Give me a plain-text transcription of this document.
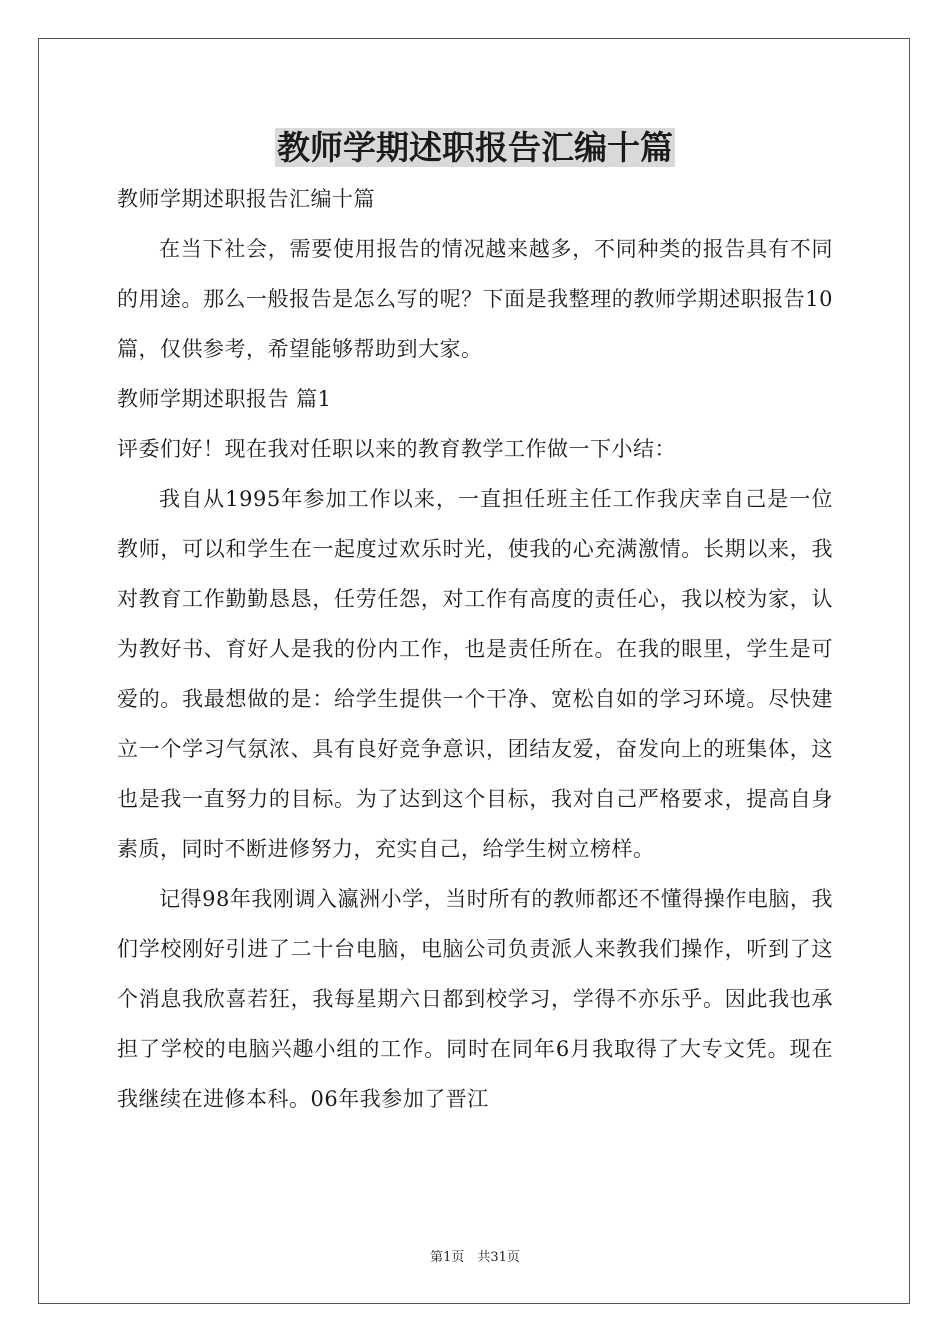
教师学期述职报告汇编十篇

教师学期述职报告汇编十篇

在当下社会，需要使用报告的情况越来越多，不同种类的报告具有不同的用途。那么一般报告是怎么写的呢？下面是我整理的教师学期述职报告10篇，仅供参考，希望能够帮助到大家。

教师学期述职报告 篇1

评委们好！现在我对任职以来的教育教学工作做一下小结：

我自从1995年参加工作以来，一直担任班主任工作我庆幸自己是一位教师，可以和学生在一起度过欢乐时光，使我的心充满激情。长期以来，我对教育工作勤勤恳恳，任劳任怨，对工作有高度的责任心，我以校为家，认为教好书、育好人是我的份内工作，也是责任所在。在我的眼里，学生是可爱的。我最想做的是：给学生提供一个干净、宽松自如的学习环境。尽快建立一个学习气氛浓、具有良好竞争意识，团结友爱，奋发向上的班集体，这也是我一直努力的目标。为了达到这个目标，我对自己严格要求，提高自身素质，同时不断进修努力，充实自己，给学生树立榜样。

记得98年我刚调入瀛洲小学，当时所有的教师都还不懂得操作电脑，我们学校刚好引进了二十台电脑，电脑公司负责派人来教我们操作，听到了这个消息我欣喜若狂，我每星期六日都到校学习，学得不亦乐乎。因此我也承担了学校的电脑兴趣小组的工作。同时在同年6月我取得了大专文凭。现在我继续在进修本科。06年我参加了晋江

第1页　共31页
